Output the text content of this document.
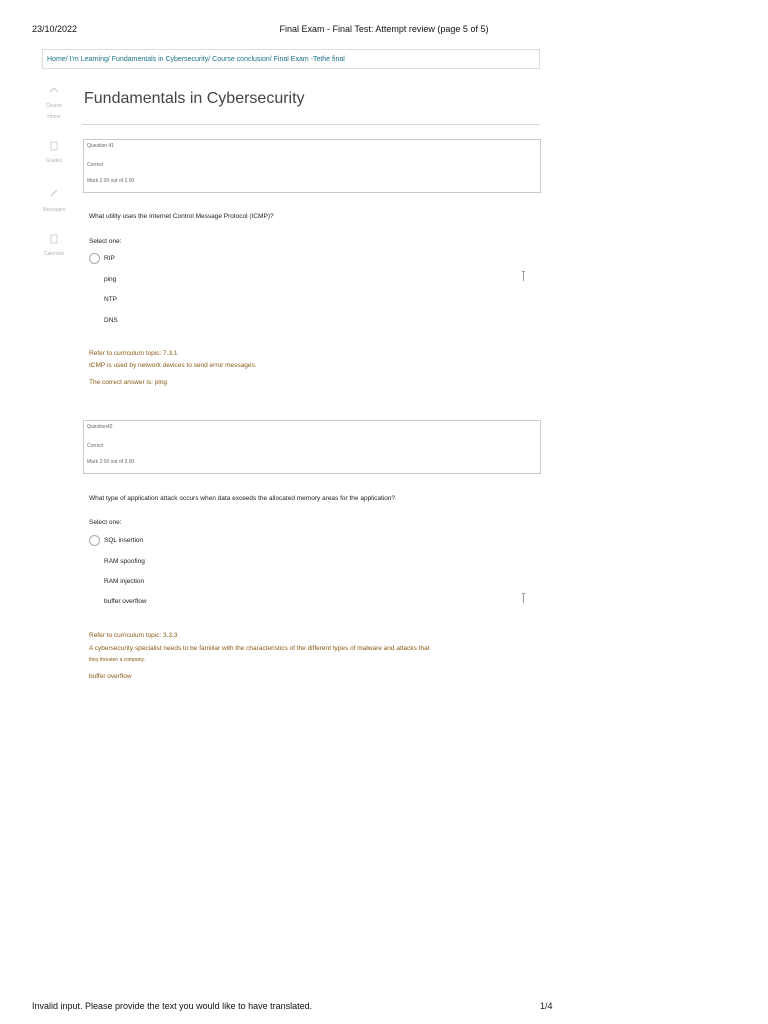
23/10/2022	Final Exam - Final Test: Attempt review (page 5 of 5)
Home/ I'm Learning/ Fundamentals in Cybersecurity/ Course conclusion/ Final Exam -Tethe final
Course
Home
Grades
Messages
Calendar
Fundamentals in Cybersecurity
Question 41
Correct
Mark 2.00 out of 2.00
What utility uses the Internet Control Message Protocol (ICMP)?
Select one:
RIP
ping
NTP
DNS
Refer to curriculum topic: 7.3.1
ICMP is used by network devices to send error messages.
The correct answer is: ping
Question42
Correct
Mark 2.00 out of 2.00
What type of application attack occurs when data exceeds the allocated memory areas for the application?
Select one:
SQL insertion
RAM spoofing
RAM injection
buffer overflow
Refer to curriculum topic: 3.3.3
A cybersecurity specialist needs to be familiar with the characteristics of the different types of malware and attacks that
they threaten a company.
buffer overflow
Invalid input. Please provide the text you would like to have translated.	1/4
